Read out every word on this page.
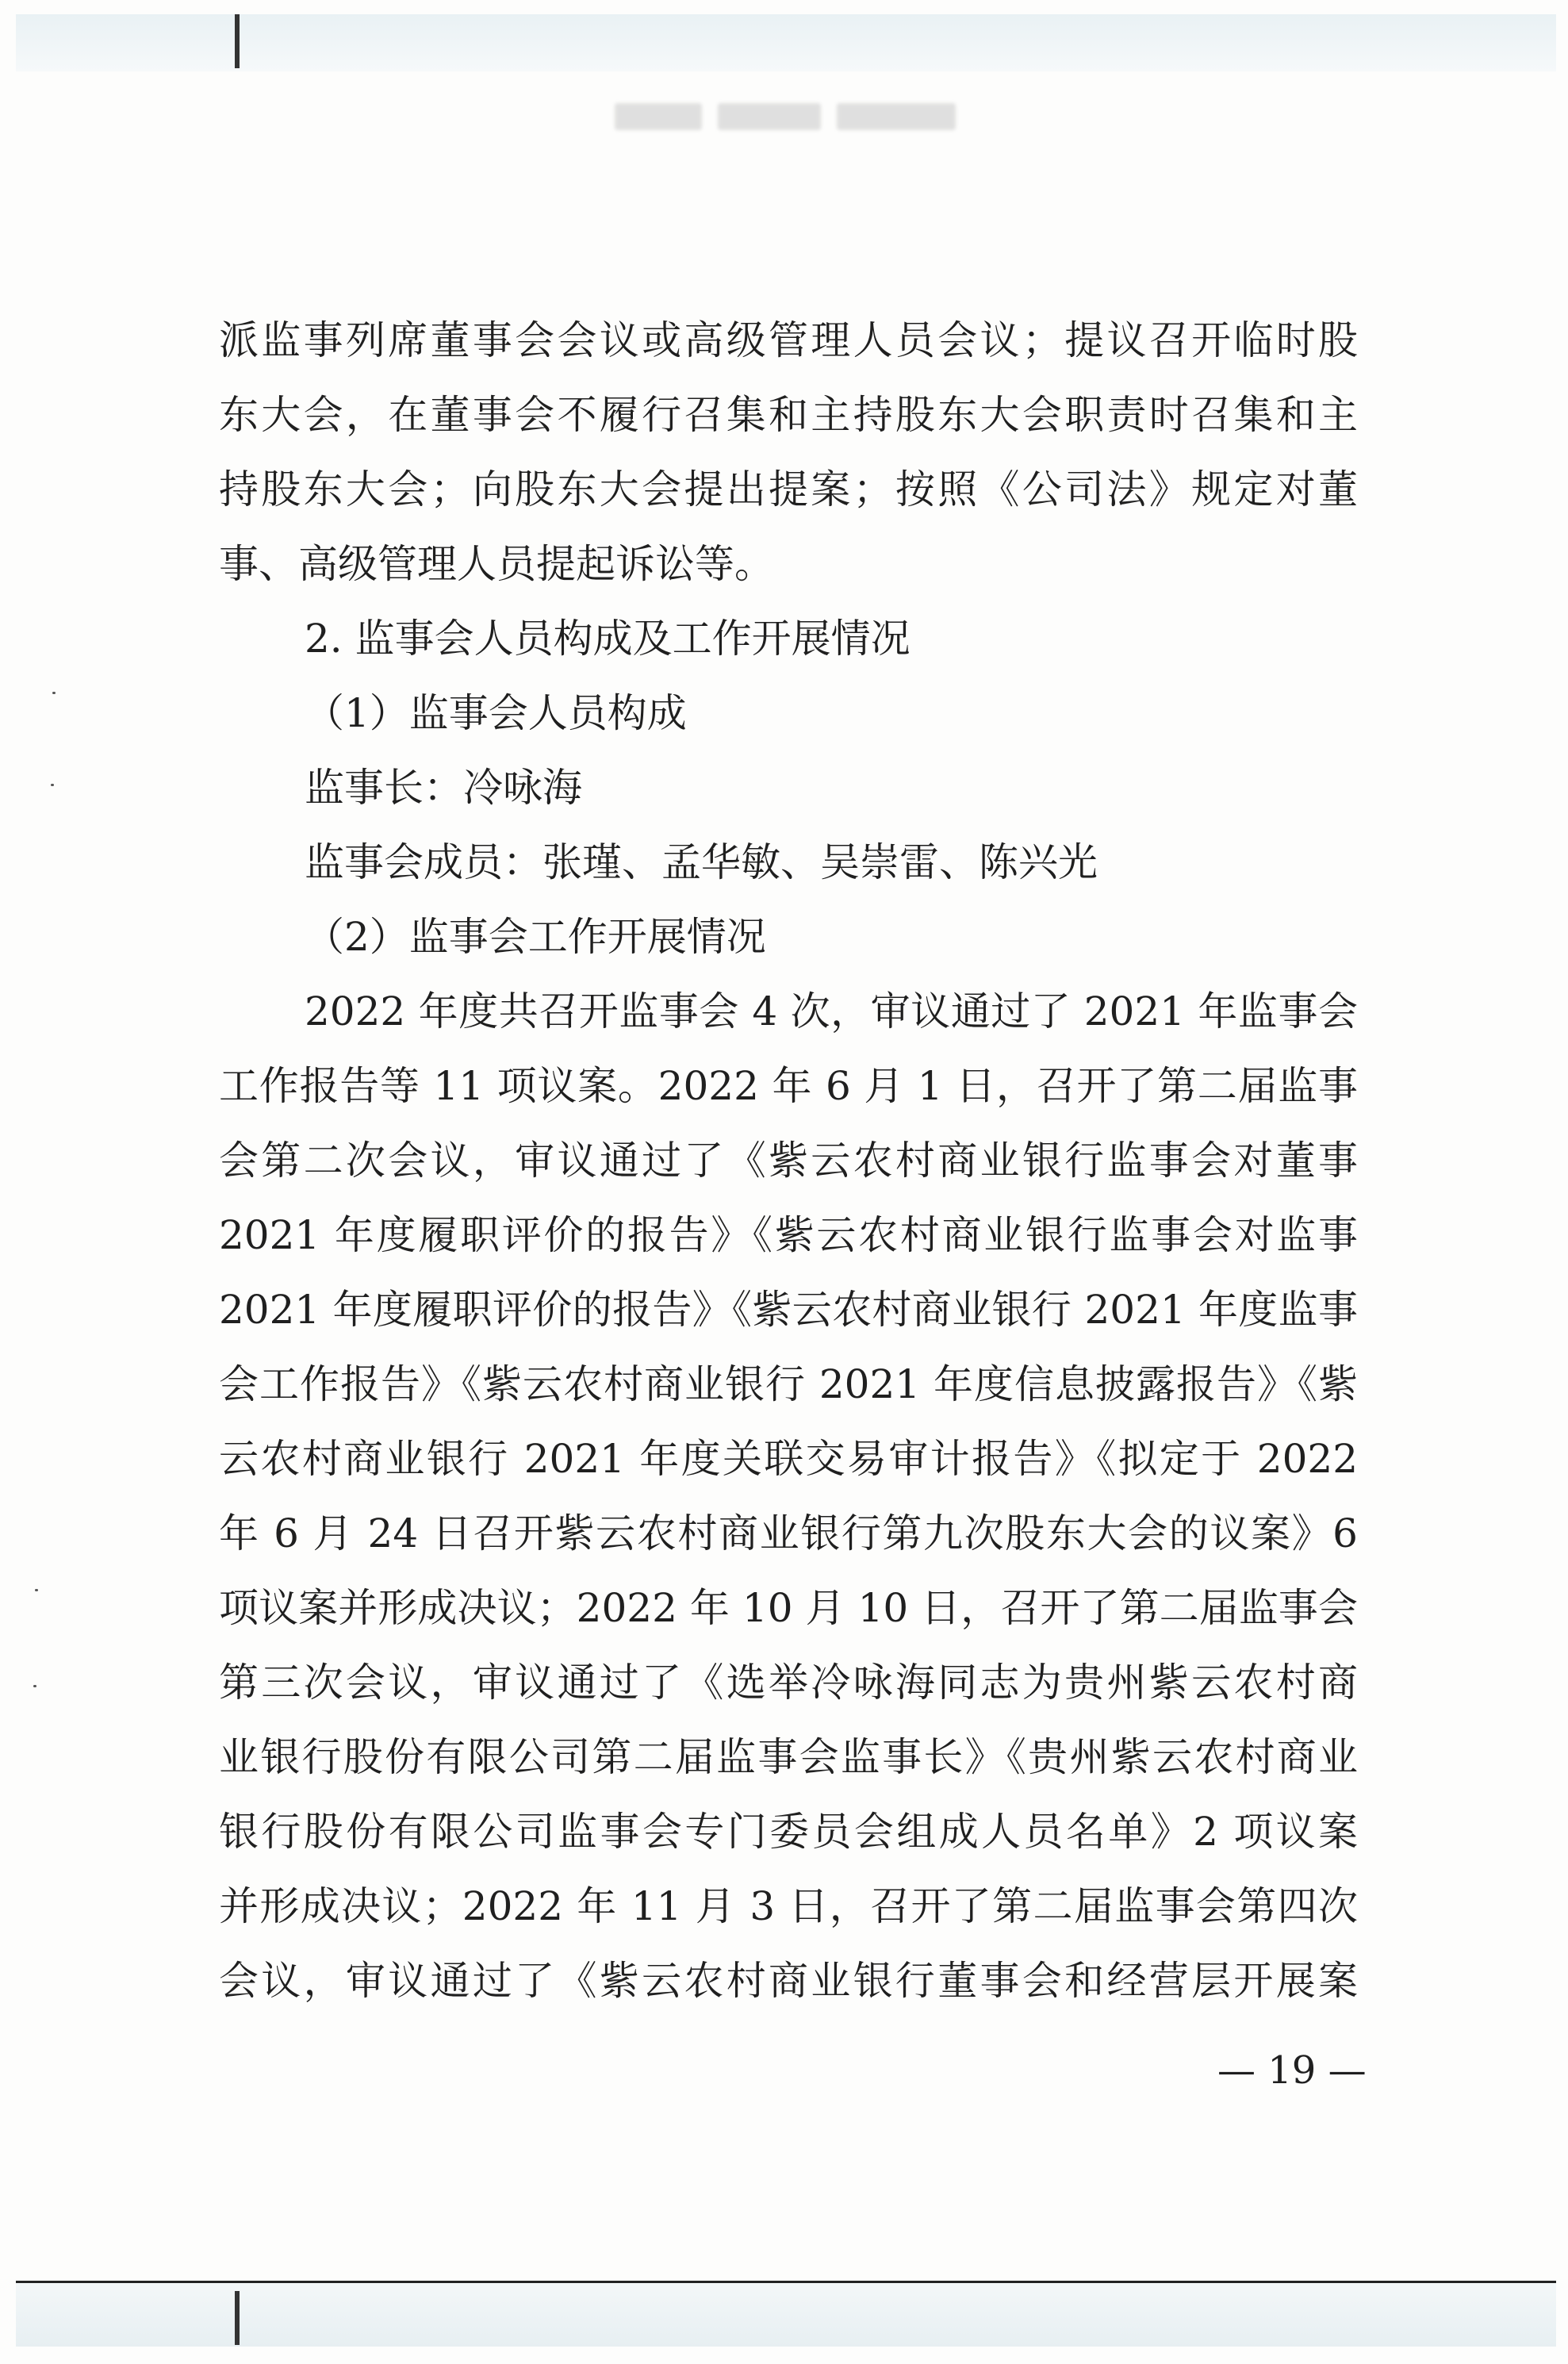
派监事列席董事会会议或高级管理人员会议；提议召开临时股
东大会，在董事会不履行召集和主持股东大会职责时召集和主
持股东大会；向股东大会提出提案；按照《公司法》规定对董
事、高级管理人员提起诉讼等。
2. 监事会人员构成及工作开展情况
（1）监事会人员构成
监事长：冷咏海
监事会成员：张瑾、孟华敏、吴崇雷、陈兴光
（2）监事会工作开展情况
2022 年度共召开监事会 4 次，审议通过了 2021 年监事会
工作报告等 11 项议案。2022 年 6 月 1 日，召开了第二届监事
会第二次会议，审议通过了《紫云农村商业银行监事会对董事
2021 年度履职评价的报告》《紫云农村商业银行监事会对监事
2021 年度履职评价的报告》《紫云农村商业银行 2021 年度监事
会工作报告》《紫云农村商业银行 2021 年度信息披露报告》《紫
云农村商业银行 2021 年度关联交易审计报告》《拟定于 2022
年 6 月 24 日召开紫云农村商业银行第九次股东大会的议案》6
项议案并形成决议；2022 年 10 月 10 日，召开了第二届监事会
第三次会议，审议通过了《选举冷咏海同志为贵州紫云农村商
业银行股份有限公司第二届监事会监事长》《贵州紫云农村商业
银行股份有限公司监事会专门委员会组成人员名单》2 项议案
并形成决议；2022 年 11 月 3 日，召开了第二届监事会第四次
会议，审议通过了《紫云农村商业银行董事会和经营层开展案
— 19 —
